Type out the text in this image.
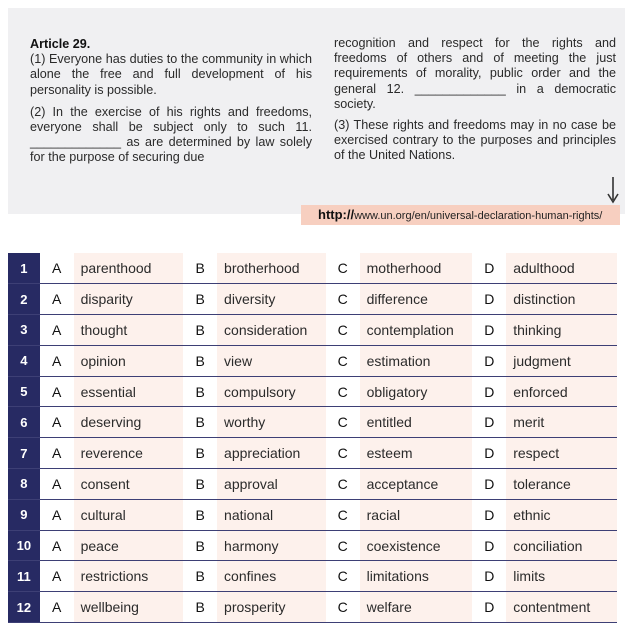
Article 29.
(1) Everyone has duties to the community in which alone the free and full development of his personality is possible.

(2) In the exercise of his rights and freedoms, everyone shall be subject only to such 11. _____________ as are determined by law solely for the purpose of securing due

recognition and respect for the rights and freedoms of others and of meeting the just requirements of morality, public order and the general 12. _____________ in a democratic society.

(3) These rights and freedoms may in no case be exercised contrary to the purposes and principles of the United Nations.

http://www.un.org/en/universal-declaration-human-rights/
1	A	parenthood	B	brotherhood	C	motherhood	D	adulthood
2	A	disparity	B	diversity	C	difference	D	distinction
3	A	thought	B	consideration	C	contemplation	D	thinking
4	A	opinion	B	view	C	estimation	D	judgment
5	A	essential	B	compulsory	C	obligatory	D	enforced
6	A	deserving	B	worthy	C	entitled	D	merit
7	A	reverence	B	appreciation	C	esteem	D	respect
8	A	consent	B	approval	C	acceptance	D	tolerance
9	A	cultural	B	national	C	racial	D	ethnic
10	A	peace	B	harmony	C	coexistence	D	conciliation
11	A	restrictions	B	confines	C	limitations	D	limits
12	A	wellbeing	B	prosperity	C	welfare	D	contentment
